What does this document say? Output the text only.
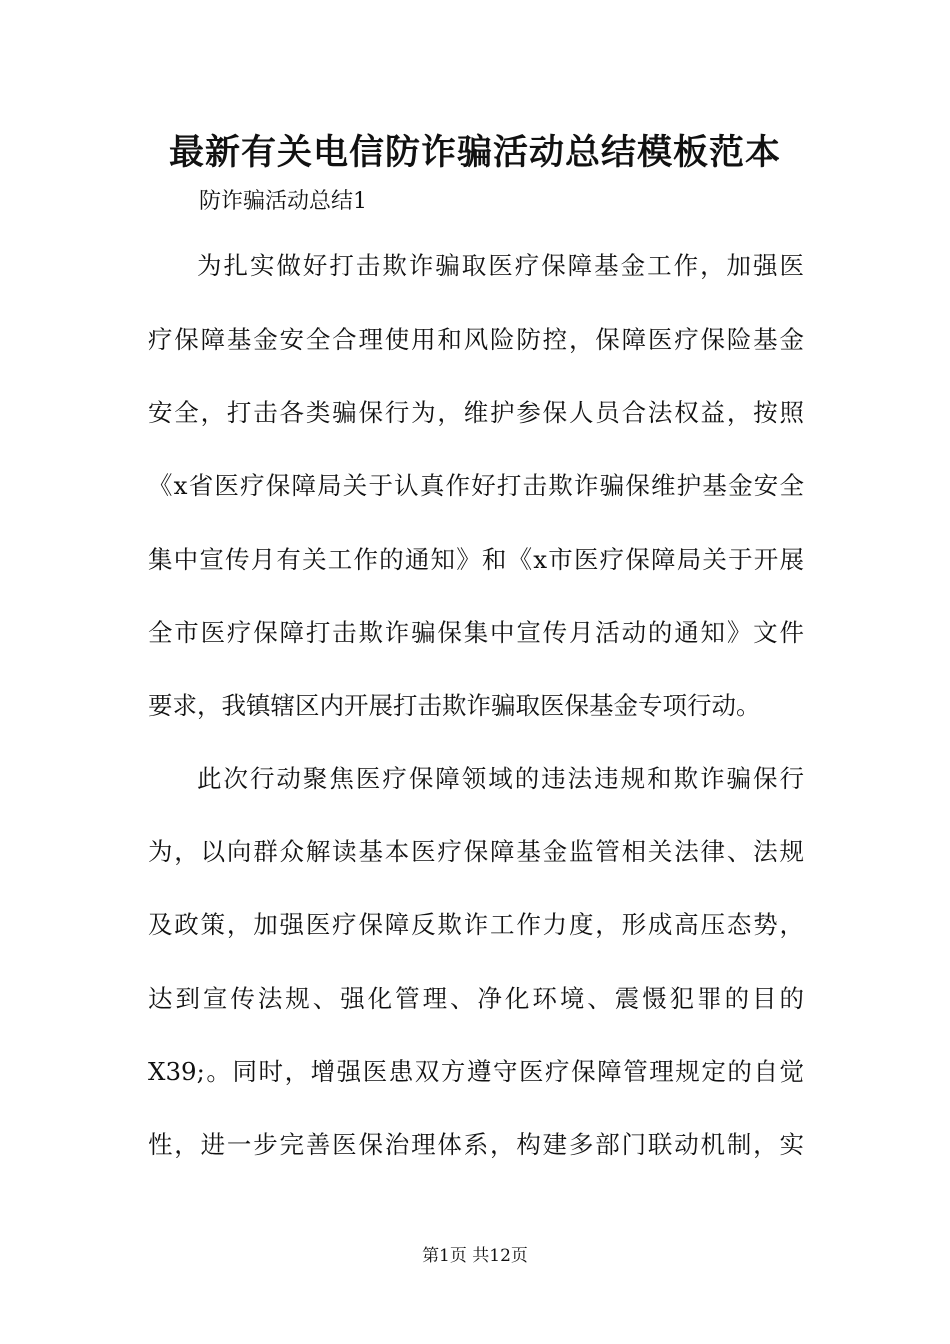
最新有关电信防诈骗活动总结模板范本

防诈骗活动总结1

为扎实做好打击欺诈骗取医疗保障基金工作，加强医

疗保障基金安全合理使用和风险防控，保障医疗保险基金

安全，打击各类骗保行为，维护参保人员合法权益，按照

《x省医疗保障局关于认真作好打击欺诈骗保维护基金安全

集中宣传月有关工作的通知》和《x市医疗保障局关于开展

全市医疗保障打击欺诈骗保集中宣传月活动的通知》文件

要求，我镇辖区内开展打击欺诈骗取医保基金专项行动。

此次行动聚焦医疗保障领域的违法违规和欺诈骗保行

为，以向群众解读基本医疗保障基金监管相关法律、法规

及政策，加强医疗保障反欺诈工作力度，形成高压态势，

达到宣传法规、强化管理、净化环境、震慑犯罪的目的

X39;。同时，增强医患双方遵守医疗保障管理规定的自觉

性，进一步完善医保治理体系，构建多部门联动机制，实

第1页 共12页
